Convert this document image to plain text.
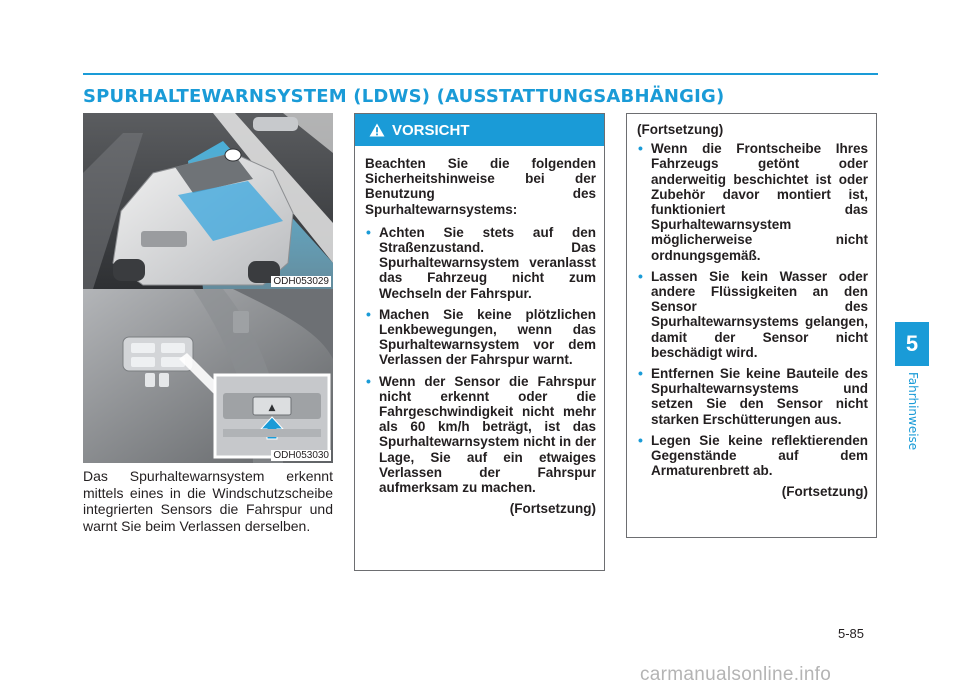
SPURHALTEWARNSYSTEM (LDWS) (AUSSTATTUNGSABHÄNGIG)
5
Fahrhinweise
ODH053029
▲
ODH053030

Das Spurhaltewarnsystem erkennt mittels eines in die Windschutzscheibe integrierten Sensors die Fahrspur und warnt Sie beim Verlassen derselben.

VORSICHT

Beachten Sie die folgenden Sicherheitshinweise bei der Benutzung des Spurhaltewarnsystems:

• Achten Sie stets auf den Straßenzustand. Das Spurhaltewarnsystem veranlasst das Fahrzeug nicht zum Wechseln der Fahrspur.
• Machen Sie keine plötzlichen Lenkbewegungen, wenn das Spurhaltewarnsystem vor dem Verlassen der Fahrspur warnt.
• Wenn der Sensor die Fahrspur nicht erkennt oder die Fahrgeschwindigkeit nicht mehr als 60 km/h beträgt, ist das Spurhaltewarnsystem nicht in der Lage, Sie auf ein etwaiges Verlassen der Fahrspur aufmerksam zu machen.

(Fortsetzung)

(Fortsetzung)

• Wenn die Frontscheibe Ihres Fahrzeugs getönt oder anderweitig beschichtet ist oder Zubehör davor montiert ist, funktioniert das Spurhaltewarnsystem möglicherweise nicht ordnungsgemäß.
• Lassen Sie kein Wasser oder andere Flüssigkeiten an den Sensor des Spurhaltewarnsystems gelangen, damit der Sensor nicht beschädigt wird.
• Entfernen Sie keine Bauteile des Spurhaltewarnsystems und setzen Sie den Sensor nicht starken Erschütterungen aus.
• Legen Sie keine reflektierenden Gegenstände auf dem Armaturenbrett ab.

(Fortsetzung)

5-85
carmanualsonline.info
